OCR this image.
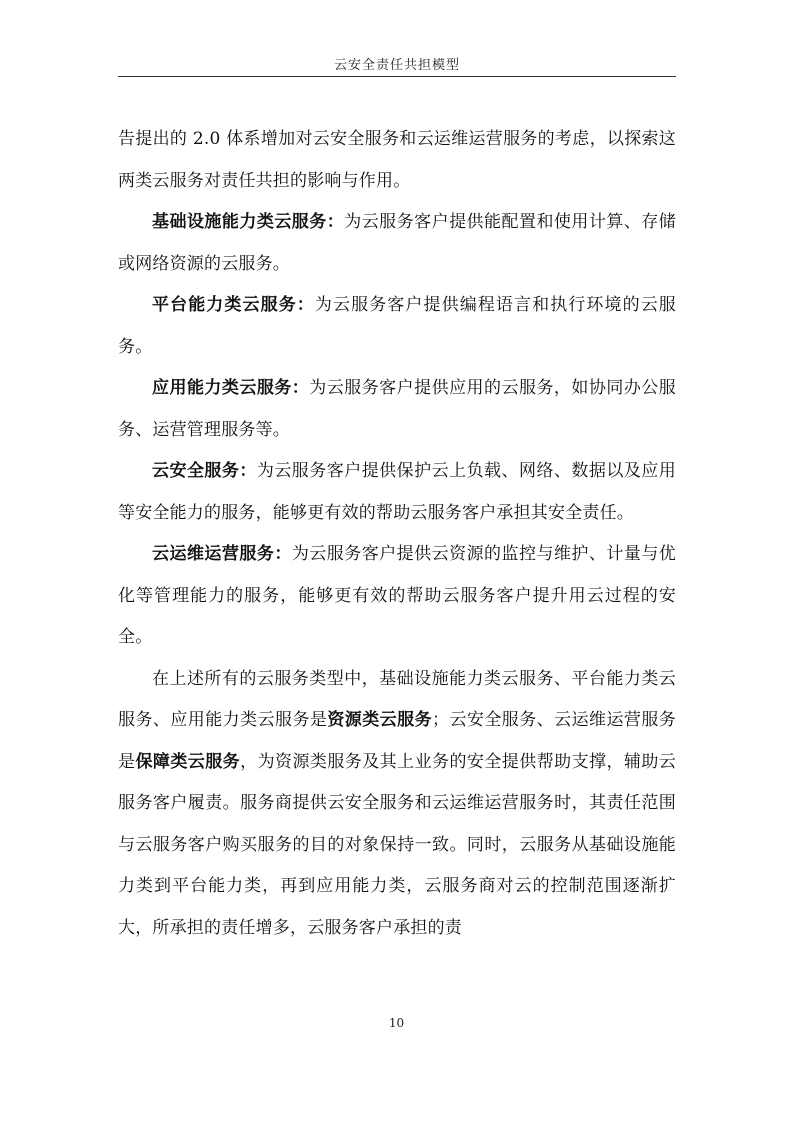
云安全责任共担模型

告提出的 2.0 体系增加对云安全服务和云运维运营服务的考虑，以探索这两类云服务对责任共担的影响与作用。

基础设施能力类云服务：为云服务客户提供能配置和使用计算、存储或网络资源的云服务。

平台能力类云服务：为云服务客户提供编程语言和执行环境的云服务。

应用能力类云服务：为云服务客户提供应用的云服务，如协同办公服务、运营管理服务等。

云安全服务：为云服务客户提供保护云上负载、网络、数据以及应用等安全能力的服务，能够更有效的帮助云服务客户承担其安全责任。

云运维运营服务：为云服务客户提供云资源的监控与维护、计量与优化等管理能力的服务，能够更有效的帮助云服务客户提升用云过程的安全。

在上述所有的云服务类型中，基础设施能力类云服务、平台能力类云服务、应用能力类云服务是资源类云服务；云安全服务、云运维运营服务是保障类云服务，为资源类服务及其上业务的安全提供帮助支撑，辅助云服务客户履责。服务商提供云安全服务和云运维运营服务时，其责任范围与云服务客户购买服务的目的对象保持一致。同时，云服务从基础设施能力类到平台能力类，再到应用能力类，云服务商对云的控制范围逐渐扩大，所承担的责任增多，云服务客户承担的责

10
